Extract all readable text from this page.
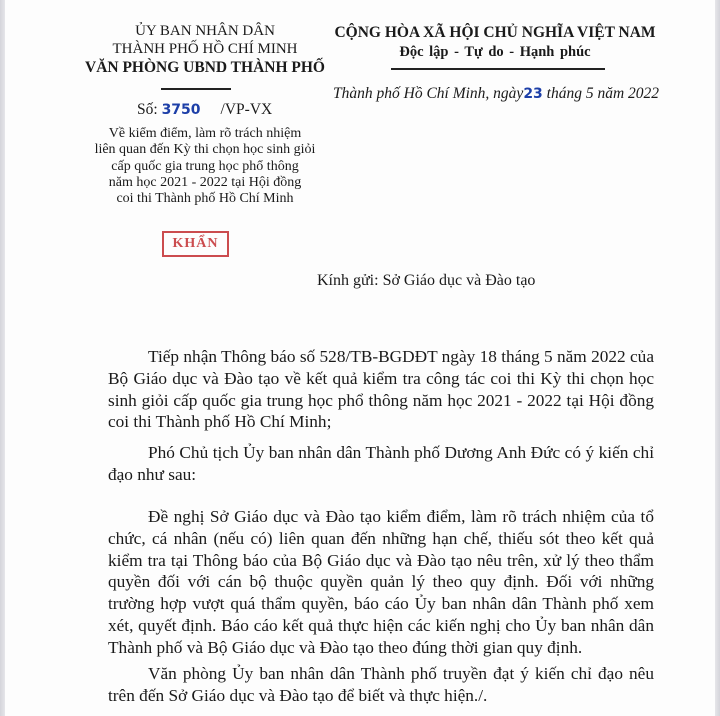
ỦY BAN NHÂN DÂN
THÀNH PHỐ HỒ CHÍ MINH
VĂN PHÒNG UBND THÀNH PHỐ
Số: 3750 /VP-VX
CỘNG HÒA XÃ HỘI CHỦ NGHĨA VIỆT NAM
Độc lập - Tự do - Hạnh phúc
Thành phố Hồ Chí Minh, ngày23 tháng 5 năm 2022
Về kiểm điểm, làm rõ trách nhiệm
liên quan đến Kỳ thi chọn học sinh giỏi
cấp quốc gia trung học phổ thông
năm học 2021 - 2022 tại Hội đồng
coi thi Thành phố Hồ Chí Minh
KHẨN
Kính gửi: Sở Giáo dục và Đào tạo
Tiếp nhận Thông báo số 528/TB-BGDĐT ngày 18 tháng 5 năm 2022 của Bộ Giáo dục và Đào tạo về kết quả kiểm tra công tác coi thi Kỳ thi chọn học sinh giỏi cấp quốc gia trung học phổ thông năm học 2021 - 2022 tại Hội đồng coi thi Thành phố Hồ Chí Minh;
Phó Chủ tịch Ủy ban nhân dân Thành phố Dương Anh Đức có ý kiến chỉ đạo như sau:
Đề nghị Sở Giáo dục và Đào tạo kiểm điểm, làm rõ trách nhiệm của tổ chức, cá nhân (nếu có) liên quan đến những hạn chế, thiếu sót theo kết quả kiểm tra tại Thông báo của Bộ Giáo dục và Đào tạo nêu trên, xử lý theo thẩm quyền đối với cán bộ thuộc quyền quản lý theo quy định. Đối với những trường hợp vượt quá thẩm quyền, báo cáo Ủy ban nhân dân Thành phố xem xét, quyết định. Báo cáo kết quả thực hiện các kiến nghị cho Ủy ban nhân dân Thành phố và Bộ Giáo dục và Đào tạo theo đúng thời gian quy định.
Văn phòng Ủy ban nhân dân Thành phố truyền đạt ý kiến chỉ đạo nêu trên đến Sở Giáo dục và Đào tạo để biết và thực hiện./.
